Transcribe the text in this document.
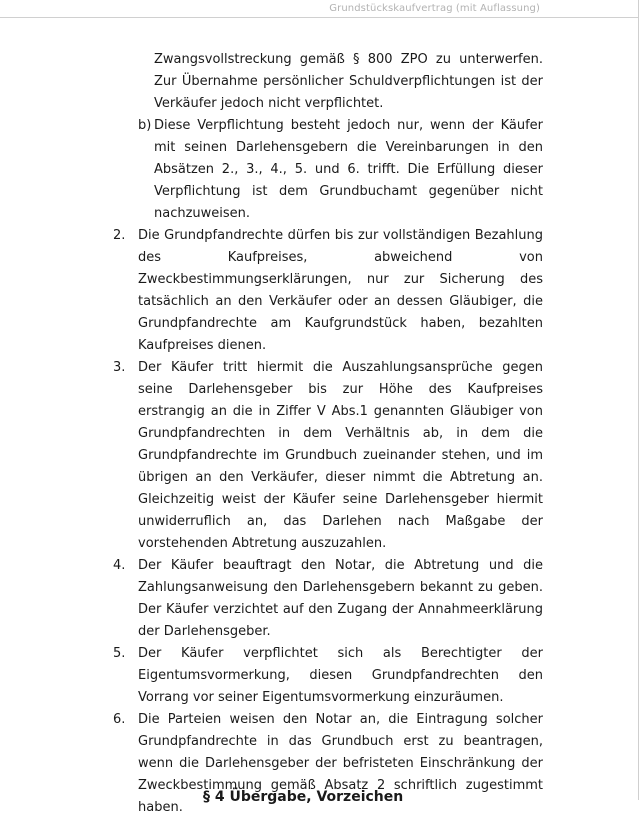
Grundstückskaufvertrag (mit Auflassung)

Zwangsvollstreckung gemäß § 800 ZPO zu unterwerfen. Zur Übernahme persönlicher Schuldverpflichtungen ist der Verkäufer jedoch nicht verpflichtet.

b) Diese Verpflichtung besteht jedoch nur, wenn der Käufer mit seinen Darlehensgebern die Vereinbarungen in den Absätzen 2., 3., 4., 5. und 6. trifft. Die Erfüllung dieser Verpflichtung ist dem Grundbuchamt gegenüber nicht nachzuweisen.
2. Die Grundpfandrechte dürfen bis zur vollständigen Bezahlung des Kaufpreises, abweichend von Zweckbestimmungserklärungen, nur zur Sicherung des tatsächlich an den Verkäufer oder an dessen Gläubiger, die Grundpfandrechte am Kaufgrundstück haben, bezahlten Kaufpreises dienen.
3. Der Käufer tritt hiermit die Auszahlungsansprüche gegen seine Darlehensgeber bis zur Höhe des Kaufpreises erstrangig an die in Ziffer V Abs.1 genannten Gläubiger von Grundpfandrechten in dem Verhältnis ab, in dem die Grundpfandrechte im Grundbuch zueinander stehen, und im übrigen an den Verkäufer, dieser nimmt die Abtretung an. Gleichzeitig weist der Käufer seine Darlehensgeber hiermit unwiderruflich an, das Darlehen nach Maßgabe der vorstehenden Abtretung auszuzahlen.
4. Der Käufer beauftragt den Notar, die Abtretung und die Zahlungsanweisung den Darlehensgebern bekannt zu geben. Der Käufer verzichtet auf den Zugang der Annahmeerklärung der Darlehensgeber.
5. Der Käufer verpflichtet sich als Berechtigter der Eigentumsvormerkung, diesen Grundpfandrechten den Vorrang vor seiner Eigentumsvormerkung einzuräumen.
6. Die Parteien weisen den Notar an, die Eintragung solcher Grundpfandrechte in das Grundbuch erst zu beantragen, wenn die Darlehensgeber der befristeten Einschränkung der Zweckbestimmung gemäß Absatz 2 schriftlich zugestimmt haben.
§ 4 Übergabe, Vorzeichen
